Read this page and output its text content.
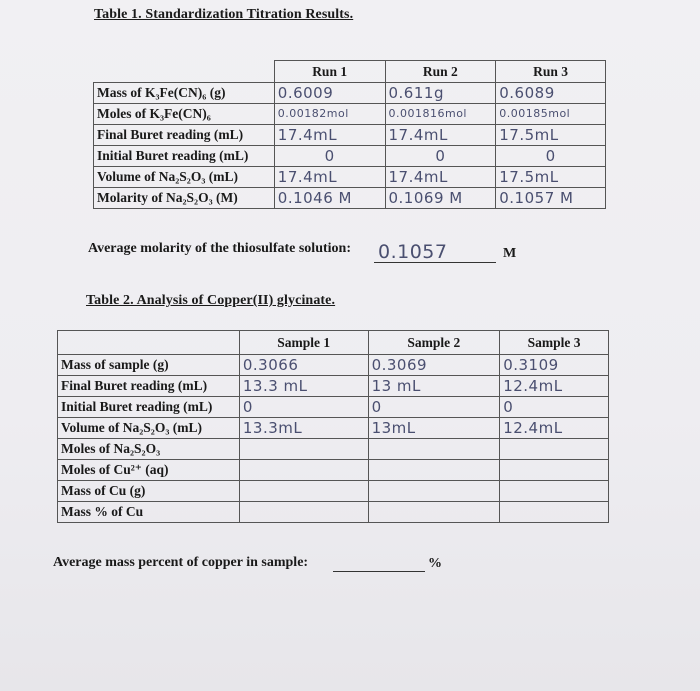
Table 1. Standardization Titration Results.
	Run 1	Run 2	Run 3
Mass of K₃Fe(CN)₆ (g)	0.6009	0.611g	0.6089
Moles of K₃Fe(CN)₆	0.00182mol	0.001816mol	0.00185mol
Final Buret reading (mL)	17.4mL	17.4mL	17.5mL
Initial Buret reading (mL)	0	0	0
Volume of Na₂S₂O₃ (mL)	17.4mL	17.4mL	17.5mL
Molarity of Na₂S₂O₃ (M)	0.1046 M	0.1069 M	0.1057 M
Average molarity of the thiosulfate solution: 0.1057	M
Table 2. Analysis of Copper(II) glycinate.
	Sample 1	Sample 2	Sample 3
Mass of sample (g)	0.3066	0.3069	0.3109
Final Buret reading (mL)	13.3 mL	13 mL	12.4mL
Initial Buret reading (mL)	0	0	0
Volume of Na₂S₂O₃ (mL)	13.3mL	13mL	12.4mL
Moles of Na₂S₂O₃			
Moles of Cu²⁺ (aq)			
Mass of Cu (g)			
Mass % of Cu			
Average mass percent of copper in sample:	%
